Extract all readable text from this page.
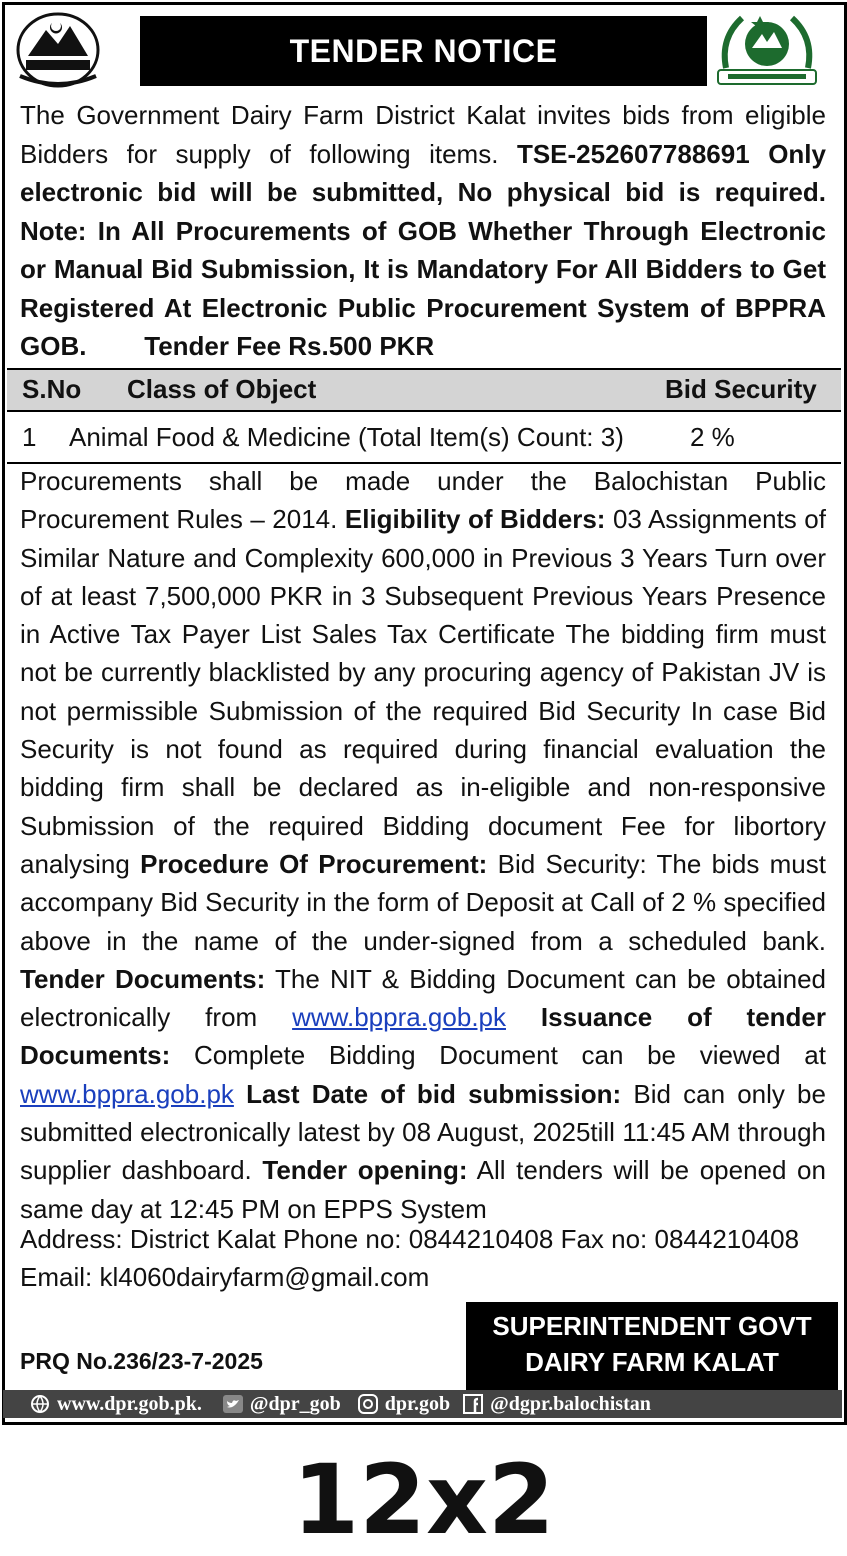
TENDER NOTICE
The Government Dairy Farm District Kalat invites bids from eligible Bidders for supply of following items. TSE-252607788691 Only electronic bid will be submitted, No physical bid is required. Note: In All Procurements of GOB Whether Through Electronic or Manual Bid Submission, It is Mandatory For All Bidders to Get Registered At Electronic Public Procurement System of BPPRA GOB. Tender Fee Rs.500 PKR
S.No Class of Object	Bid Security
1 Animal Food & Medicine (Total Item(s) Count: 3)	2 %
Procurements shall be made under the Balochistan Public Procurement Rules – 2014. Eligibility of Bidders: 03 Assignments of Similar Nature and Complexity 600,000 in Previous 3 Years Turn over of at least 7,500,000 PKR in 3 Subsequent Previous Years Presence in Active Tax Payer List Sales Tax Certificate The bidding firm must not be currently blacklisted by any procuring agency of Pakistan JV is not permissible Submission of the required Bid Security In case Bid Security is not found as required during financial evaluation the bidding firm shall be declared as in-eligible and non-responsive Submission of the required Bidding document Fee for libortory analysing Procedure Of Procurement: Bid Security: The bids must accompany Bid Security in the form of Deposit at Call of 2 % specified above in the name of the under-signed from a scheduled bank. Tender Documents: The NIT & Bidding Document can be obtained electronically from www.bppra.gob.pk Issuance of tender Documents: Complete Bidding Document can be viewed at www.bppra.gob.pk Last Date of bid submission: Bid can only be submitted electronically latest by 08 August, 2025till 11:45 AM through supplier dashboard. Tender opening: All tenders will be opened on same day at 12:45 PM on EPPS System
Address: District Kalat Phone no: 0844210408 Fax no: 0844210408
Email: kl4060dairyfarm@gmail.com
SUPERINTENDENT GOVT
DAIRY FARM KALAT
PRQ No.236/23-7-2025
www.dpr.gob.pk. @dpr_gob dpr.gob @dgpr.balochistan
12x2
